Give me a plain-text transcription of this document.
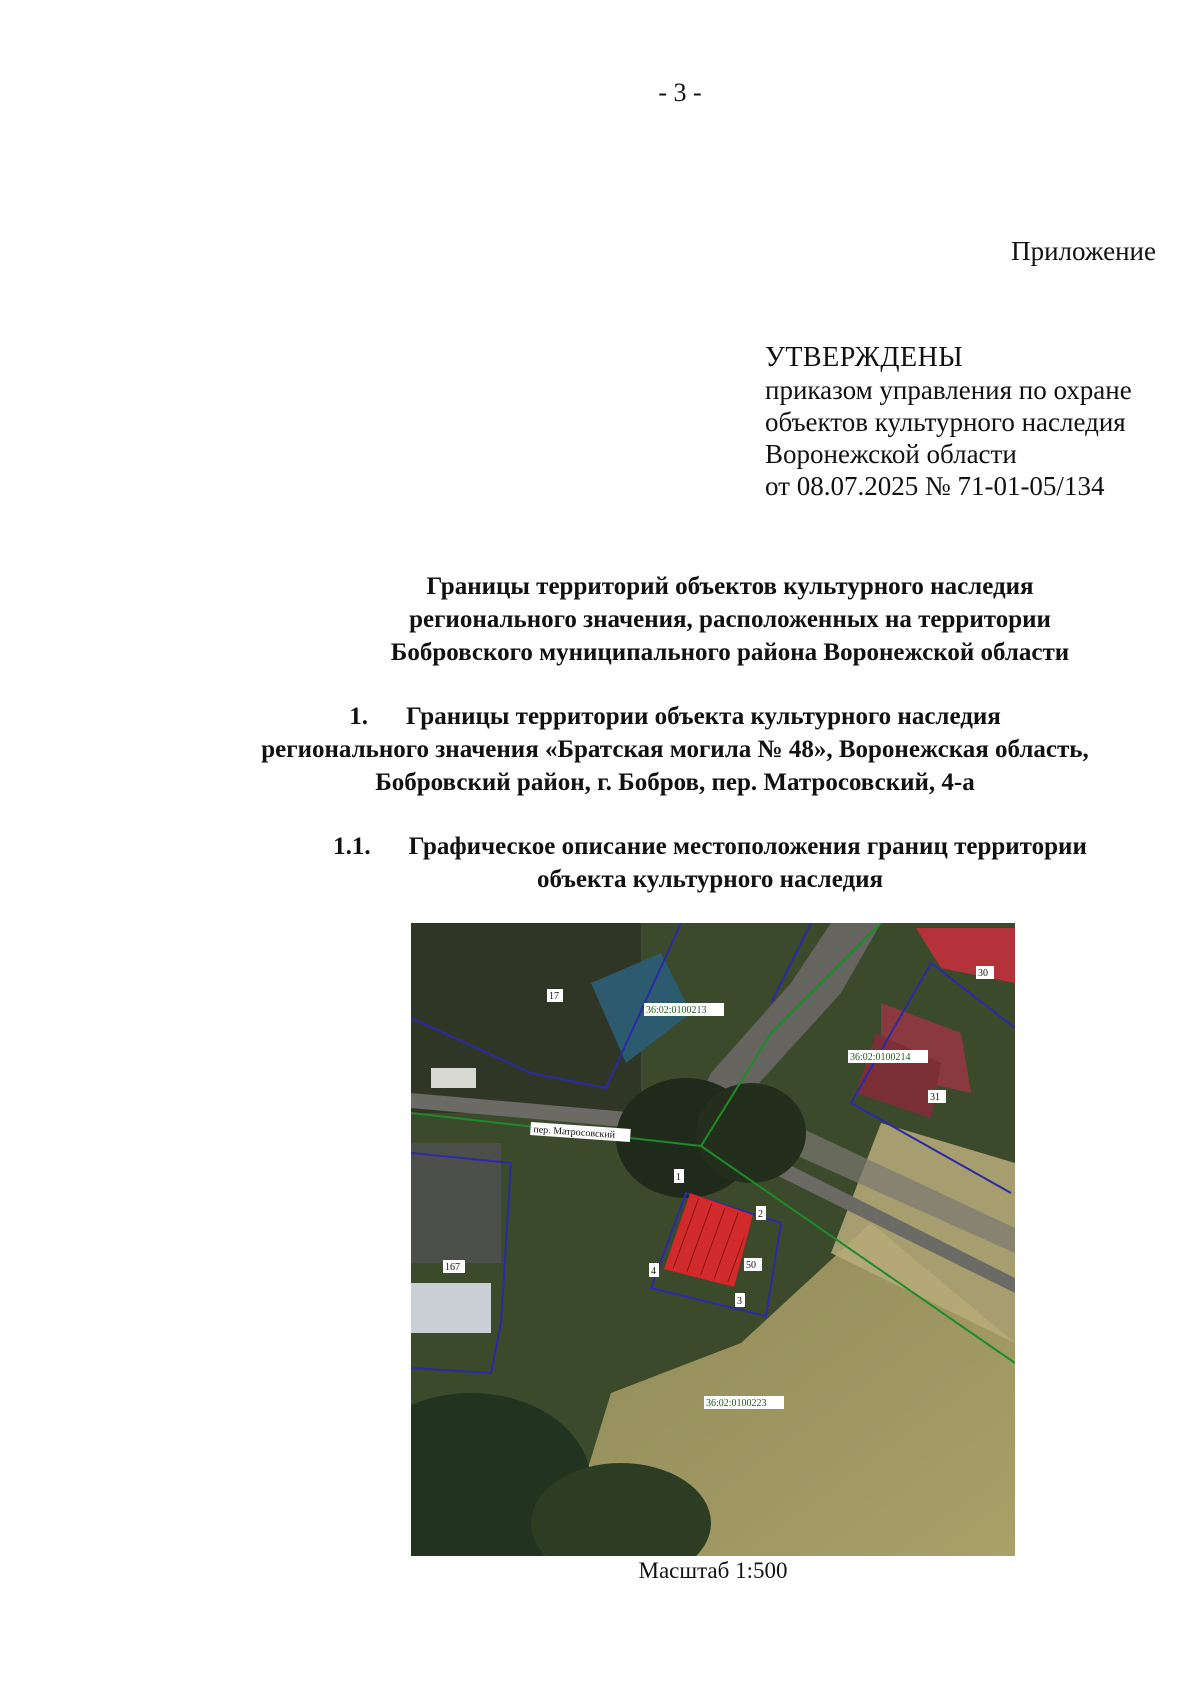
- 3 -
Приложение
УТВЕРЖДЕНЫ
приказом управления по охране
объектов культурного наследия
Воронежской области
от 08.07.2025 № 71-01-05/134
Границы территорий объектов культурного наследия
регионального значения, расположенных на территории
Бобровского муниципального района Воронежской области
1. Границы территории объекта культурного наследия
регионального значения «Братская могила № 48», Воронежская область,
Бобровский район, г. Бобров, пер. Матросовский, 4-а
1.1. Графическое описание местоположения границ территории
объекта культурного наследия
17
36:02:0100213
30
36:02:0100214
31
пер. Матросовский
167	50
1
2
3
4
36:02:0100223
Масштаб 1:500
